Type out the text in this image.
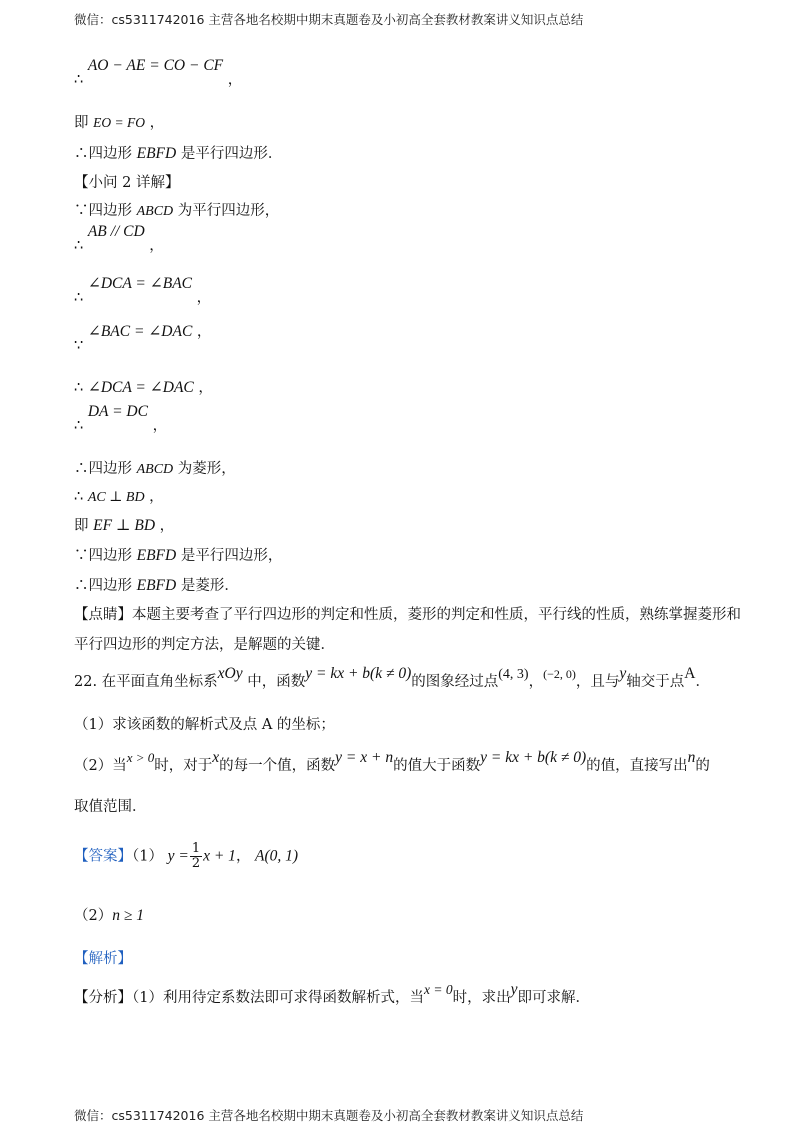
微信：cs5311742016 主营各地名校期中期末真题卷及小初高全套教材教案讲义知识点总结
∴ AO − AE = CO − CF ，
即 EO = FO ，
∴四边形 EBFD 是平行四边形．
【小问 2 详解】
∵四边形 ABCD 为平行四边形，
∴ AB // CD ，
∴ ∠DCA = ∠BAC ，
∵ ∠BAC = ∠DAC ，
∴ ∠DCA = ∠DAC ，
∴ DA = DC ，
∴四边形 ABCD 为菱形，
∴ AC ⊥ BD ，
即 EF ⊥ BD ，
∵四边形 EBFD 是平行四边形，
∴四边形 EBFD 是菱形．
【点睛】本题主要考查了平行四边形的判定和性质，菱形的判定和性质，平行线的性质，熟练掌握菱形和
平行四边形的判定方法，是解题的关键．
22. 在平面直角坐标系xOy 中，函数y = kx + b(k ≠ 0)的图象经过点(4, 3)，$^{(-2, 0)}$，且与y轴交于点A．
（1）求该函数的解析式及点 A 的坐标；
（2）当x > 0时，对于x的每一个值，函数y = x + n的值大于函数y = kx + b(k ≠ 0)的值，直接写出n的
取值范围．
【答案】（1） $y = \frac{1}{2}$ x + 1， A(0, 1)
（2）n ≥ 1
【解析】
【分析】（1）利用待定系数法即可求得函数解析式，当x = 0时，求出y即可求解．
微信：cs5311742016 主营各地名校期中期末真题卷及小初高全套教材教案讲义知识点总结
